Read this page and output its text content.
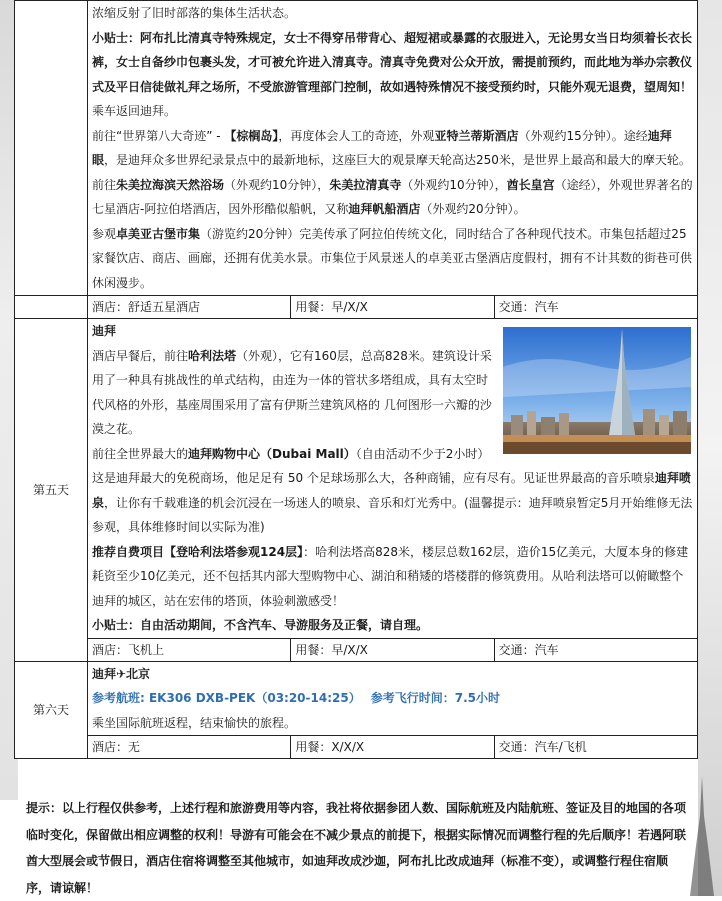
	浓缩反射了旧时部落的集体生活状态。
小贴士：阿布扎比清真寺特殊规定，女士不得穿吊带背心、超短裙或暴露的衣服进入，无论男女当日均须着长衣长裤，女士自备纱巾包裹头发，才可被允许进入清真寺。清真寺免费对公众开放，需提前预约，而此地为举办宗教仪式及平日信徒做礼拜之场所，不受旅游管理部门控制，故如遇特殊情况不接受预约时，只能外观无退费，望周知！
乘车返回迪拜。
前往“世界第八大奇迹” - 【棕榈岛】，再度体会人工的奇迹，外观亚特兰蒂斯酒店（外观约15分钟）。途经迪拜眼，是迪拜众多世界纪录景点中的最新地标，这座巨大的观景摩天轮高达250米，是世界上最高和最大的摩天轮。前往朱美拉海滨天然浴场（外观约10分钟），朱美拉清真寺（外观约10分钟），酋长皇宫（途经），外观世界著名的七星酒店-阿拉伯塔酒店，因外形酷似船帆，又称迪拜帆船酒店（外观约20分钟）。
参观卓美亚古堡市集（游览约20分钟）完美传承了阿拉伯传统文化，同时结合了各种现代技术。市集包括超过25家餐饮店、商店、画廊，还拥有优美水景。市集位于风景迷人的卓美亚古堡酒店度假村，拥有不计其数的街巷可供休闲漫步。		

	酒店：舒适五星酒店	用餐：早/X/X	交通：汽车
第五天	迪拜
酒店早餐后，前往哈利法塔（外观），它有160层，总高828米。建筑设计采用了一种具有挑战性的单式结构，由连为一体的管状多塔组成，具有太空时代风格的外形，基座周围采用了富有伊斯兰建筑风格的 几何图形一六瓣的沙漠之花。
前往全世界最大的迪拜购物中心（Dubai Mall）（自由活动不少于2小时）这是迪拜最大的免税商场，他足足有 50 个足球场那么大，各种商铺，应有尽有。见证世界最高的音乐喷泉迪拜喷泉，让你有千载难逢的机会沉浸在一场迷人的喷泉、音乐和灯光秀中。(温馨提示：迪拜喷泉暂定5月开始维修无法参观，具体维修时间以实际为准)
推荐自费项目【登哈利法塔参观124层】：哈利法塔高828米，楼层总数162层，造价15亿美元，大厦本身的修建耗资至少10亿美元，还不包括其内部大型购物中心、湖泊和稍矮的塔楼群的修筑费用。从哈利法塔可以俯瞰整个迪拜的城区，站在宏伟的塔顶，体验刺激感受！
小贴士：自由活动期间，不含汽车、导游服务及正餐，请自理。		

	酒店：飞机上	用餐：早/X/X	交通：汽车
第六天	迪拜✈北京
参考航班: EK306 DXB-PEK（03:20-14:25） 参考飞行时间：7.5小时
乘坐国际航班返程，结束愉快的旅程。		

	酒店：无	用餐：X/X/X	交通：汽车/飞机
提示：以上行程仅供参考，上述行程和旅游费用等内容，我社将依据参团人数、国际航班及内陆航班、签证及目的地国的各项临时变化，保留做出相应调整的权利！导游有可能会在不减少景点的前提下，根据实际情况而调整行程的先后顺序！若遇阿联酋大型展会或节假日，酒店住宿将调整至其他城市，如迪拜改成沙迦，阿布扎比改成迪拜（标准不变），或调整行程住宿顺序，请谅解！
